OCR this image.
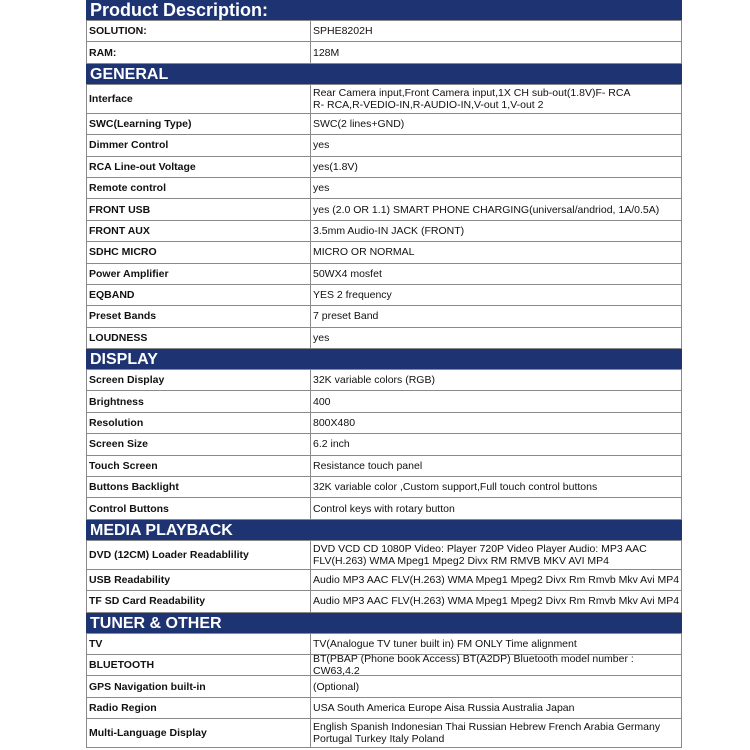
Product Description:
SOLUTION:	SPHE8202H
RAM:	128M
GENERAL
Interface	Rear Camera input,Front Camera input,1X CH sub-out(1.8V)F- RCA
R- RCA,R-VEDIO-IN,R-AUDIO-IN,V-out 1,V-out 2
SWC(Learning Type)	SWC(2 lines+GND)
Dimmer Control	yes
RCA Line-out Voltage	yes(1.8V)
Remote control	yes
FRONT USB	yes (2.0 OR 1.1) SMART PHONE CHARGING(universal/andriod, 1A/0.5A)
FRONT AUX	3.5mm Audio-IN JACK (FRONT)
SDHC MICRO	MICRO OR NORMAL
Power Amplifier	50WX4 mosfet
EQBAND	YES 2 frequency
Preset Bands	7 preset Band
LOUDNESS	yes
DISPLAY
Screen Display	32K variable colors (RGB)
Brightness	400
Resolution	800X480
Screen Size	6.2 inch
Touch Screen	Resistance touch panel
Buttons Backlight	32K variable color ,Custom support,Full touch control buttons
Control Buttons	Control keys with rotary button
MEDIA PLAYBACK
DVD (12CM) Loader Readablility	DVD VCD CD 1080P Video: Player 720P Video Player Audio: MP3 AAC
FLV(H.263) WMA Mpeg1 Mpeg2 Divx RM RMVB MKV AVI MP4
USB Readability	Audio MP3 AAC FLV(H.263) WMA Mpeg1 Mpeg2 Divx Rm Rmvb Mkv Avi MP4
TF SD Card Readability	Audio MP3 AAC FLV(H.263) WMA Mpeg1 Mpeg2 Divx Rm Rmvb Mkv Avi MP4
TUNER & OTHER
TV	TV(Analogue TV tuner built in) FM ONLY Time alignment
BLUETOOTH	BT(PBAP (Phone book Access) BT(A2DP) Bluetooth model number : CW63,4.2
GPS Navigation built-in	(Optional)
Radio Region	USA South America Europe Aisa Russia Australia Japan
Multi-Language Display	English Spanish Indonesian Thai Russian Hebrew French Arabia Germany
Portugal Turkey Italy Poland
